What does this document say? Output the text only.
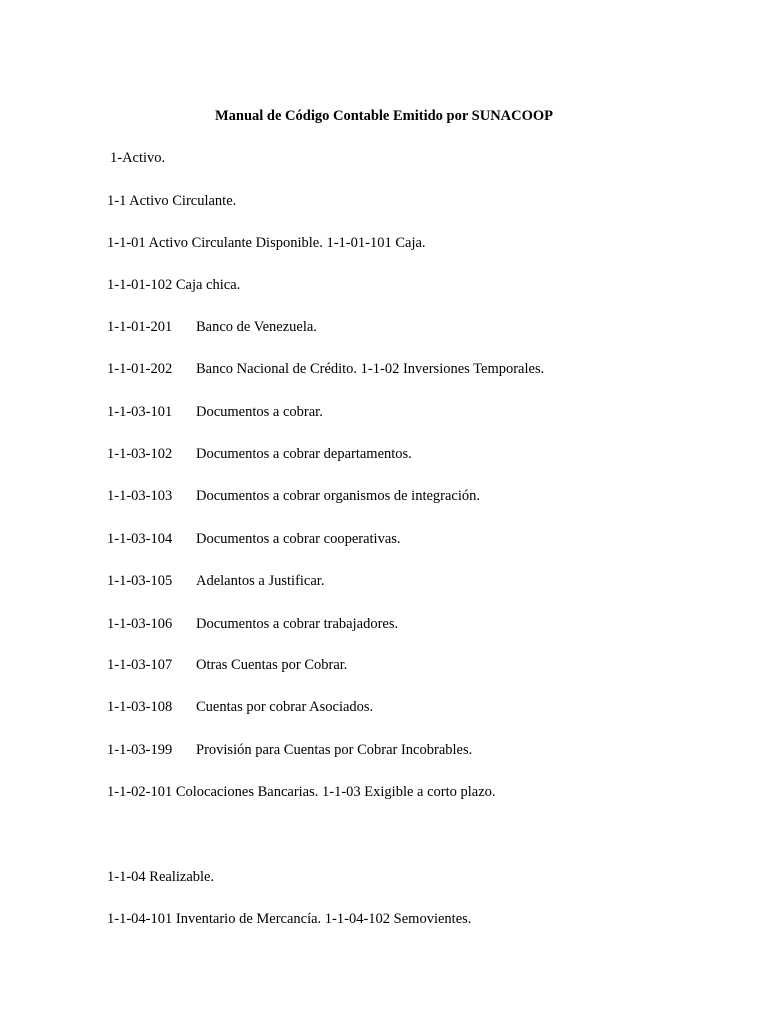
Manual de Código Contable Emitido por SUNACOOP
1-Activo.
1-1 Activo Circulante.
1-1-01 Activo Circulante Disponible. 1-1-01-101 Caja.
1-1-01-102 Caja chica.
1-1-01-201 Banco de Venezuela.
1-1-01-202 Banco Nacional de Crédito. 1-1-02 Inversiones Temporales.
1-1-03-101 Documentos a cobrar.
1-1-03-102 Documentos a cobrar departamentos.
1-1-03-103 Documentos a cobrar organismos de integración.
1-1-03-104 Documentos a cobrar cooperativas.
1-1-03-105 Adelantos a Justificar.
1-1-03-106 Documentos a cobrar trabajadores.
1-1-03-107 Otras Cuentas por Cobrar.
1-1-03-108 Cuentas por cobrar Asociados.
1-1-03-199 Provisión para Cuentas por Cobrar Incobrables.
1-1-02-101 Colocaciones Bancarias. 1-1-03 Exigible a corto plazo.
1-1-04 Realizable.
1-1-04-101 Inventario de Mercancía. 1-1-04-102 Semovientes.
